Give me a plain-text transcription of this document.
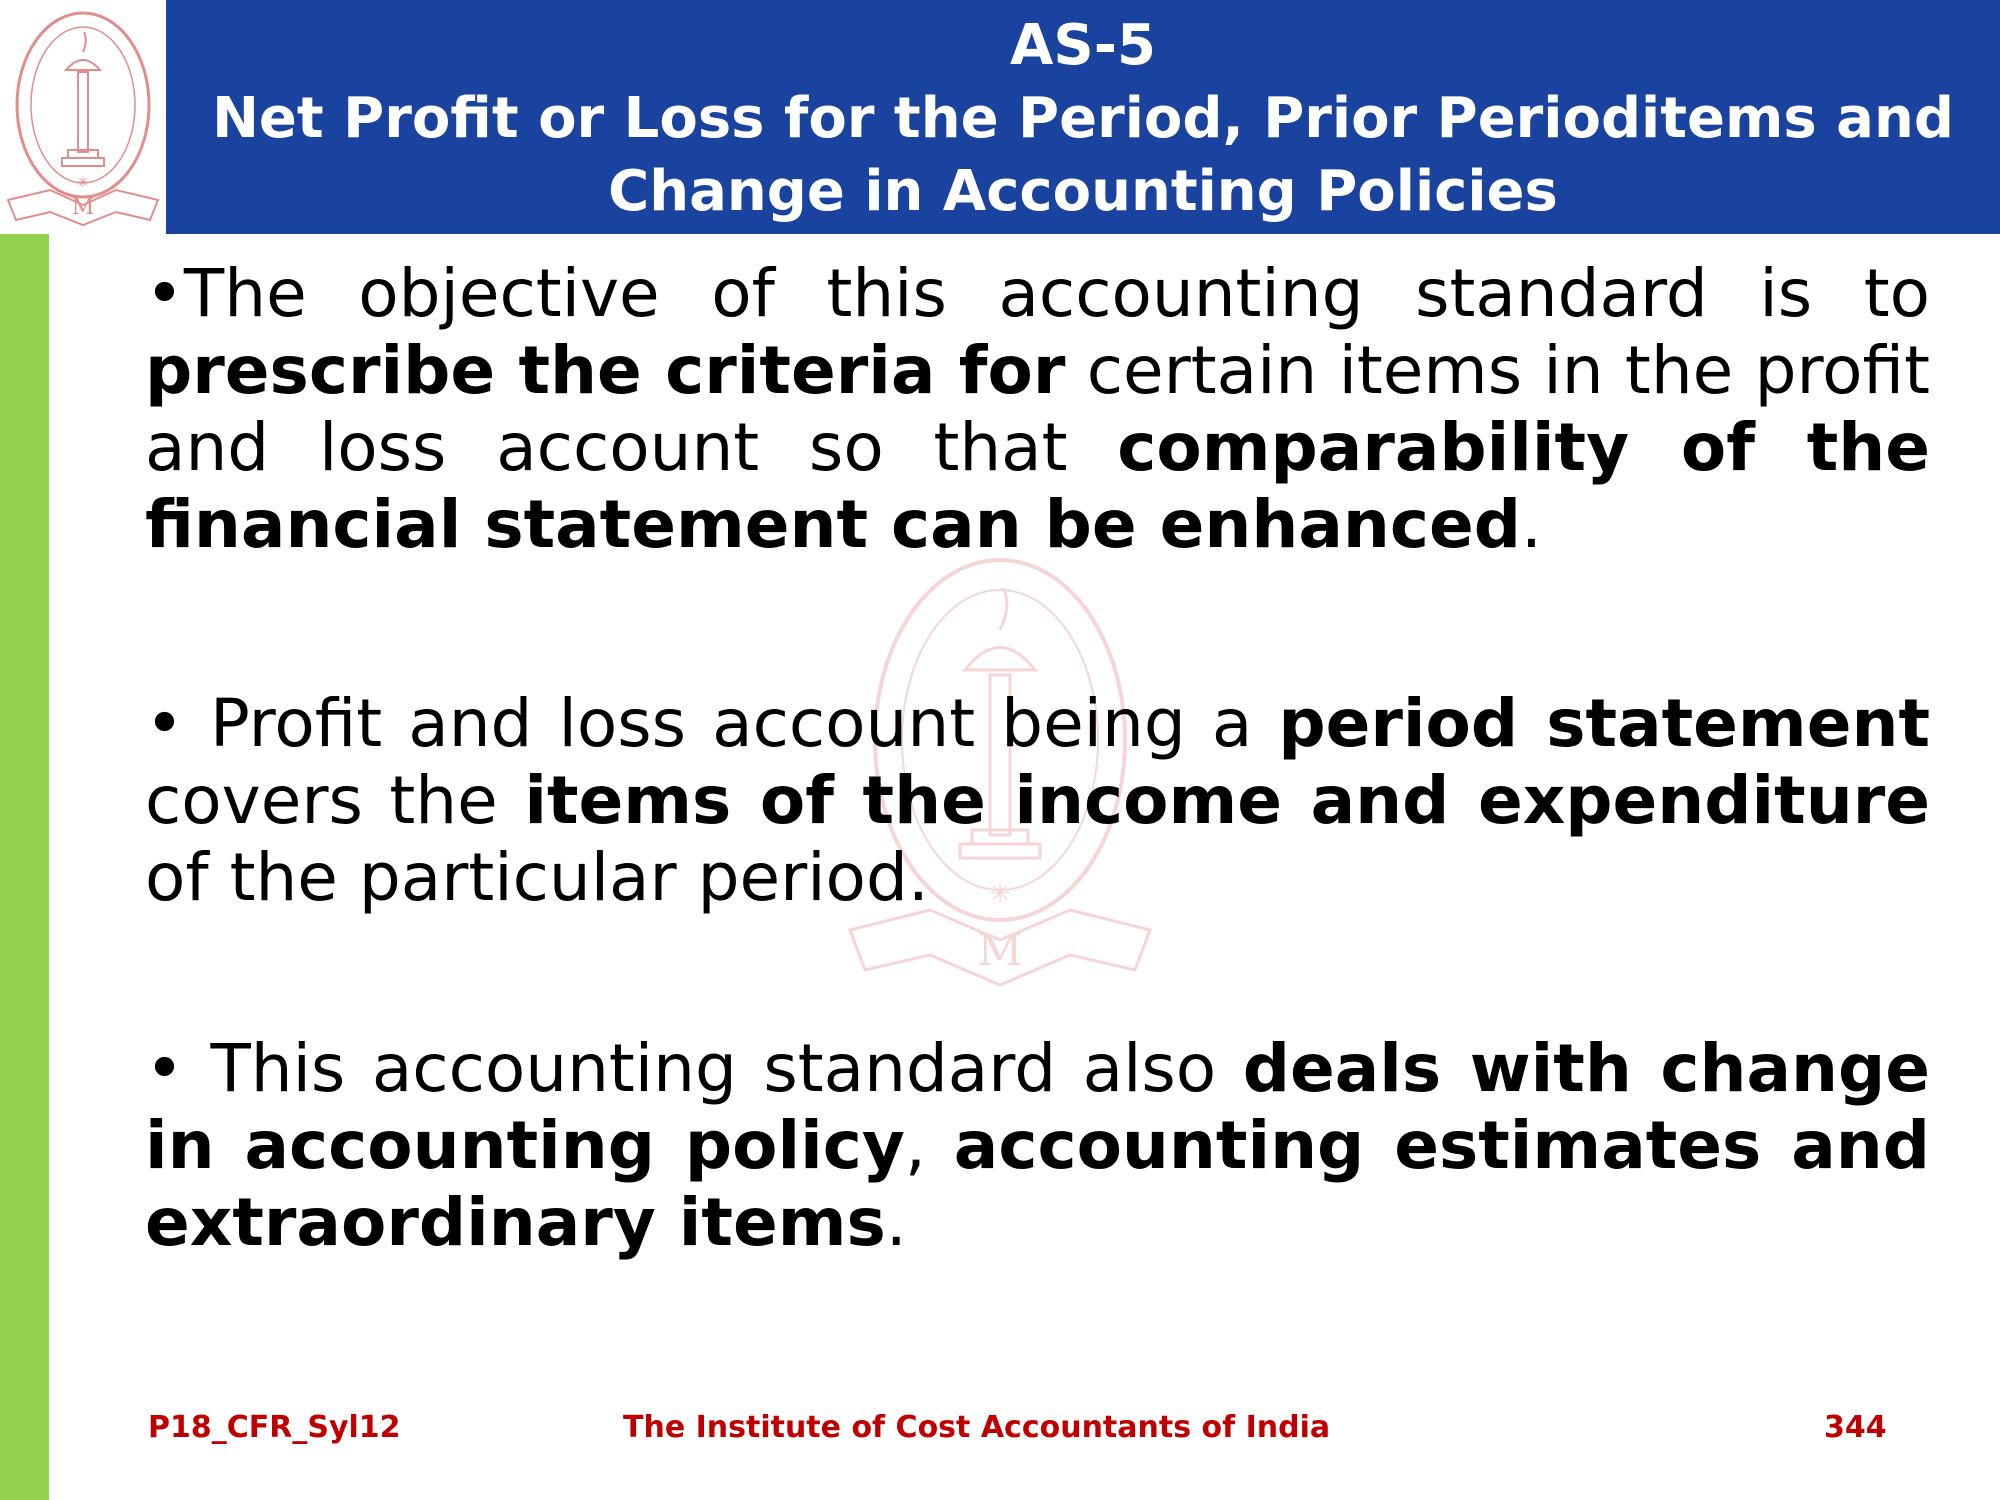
M
✳
AS-5
Net Profit or Loss for the Period, Prior Perioditems and
Change in Accounting Policies
M
✳

•The objective of this accounting standard is to prescribe the criteria for certain items in the profit and loss account so that comparability of the financial statement can be enhanced.

• Profit and loss account being a period statement covers the items of the income and expenditure of the particular period.

• This accounting standard also deals with change in accounting policy, accounting estimates and extraordinary items.

P18_CFR_Syl12	The Institute of Cost Accountants of India	344
